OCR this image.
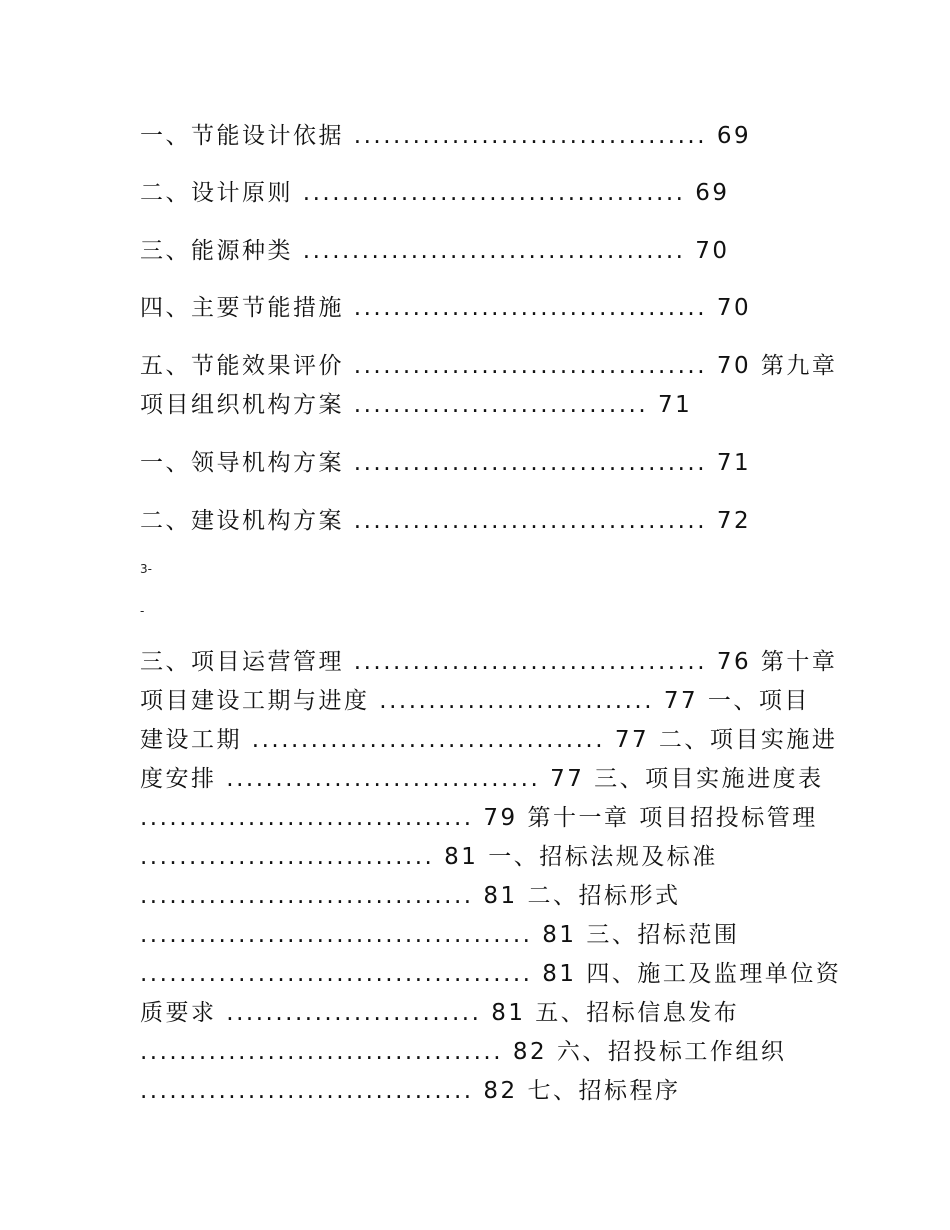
一、节能设计依据 .................................... 69

二、设计原则 ....................................... 69

三、能源种类 ....................................... 70

四、主要节能措施 .................................... 70

五、节能效果评价 .................................... 70 第九章

项目组织机构方案 .............................. 71

一、领导机构方案 .................................... 71

二、建设机构方案 .................................... 72

3-
-

三、项目运营管理 .................................... 76 第十章

项目建设工期与进度 ............................ 77 一、项目

建设工期 .................................... 77 二、项目实施进

度安排 ................................ 77 三、项目实施进度表

.................................. 79 第十一章 项目招投标管理

.............................. 81 一、招标法规及标准

.................................. 81 二、招标形式

........................................ 81 三、招标范围

........................................ 81 四、施工及监理单位资

质要求 .......................... 81 五、招标信息发布

..................................... 82 六、招投标工作组织

.................................. 82 七、招标程序
